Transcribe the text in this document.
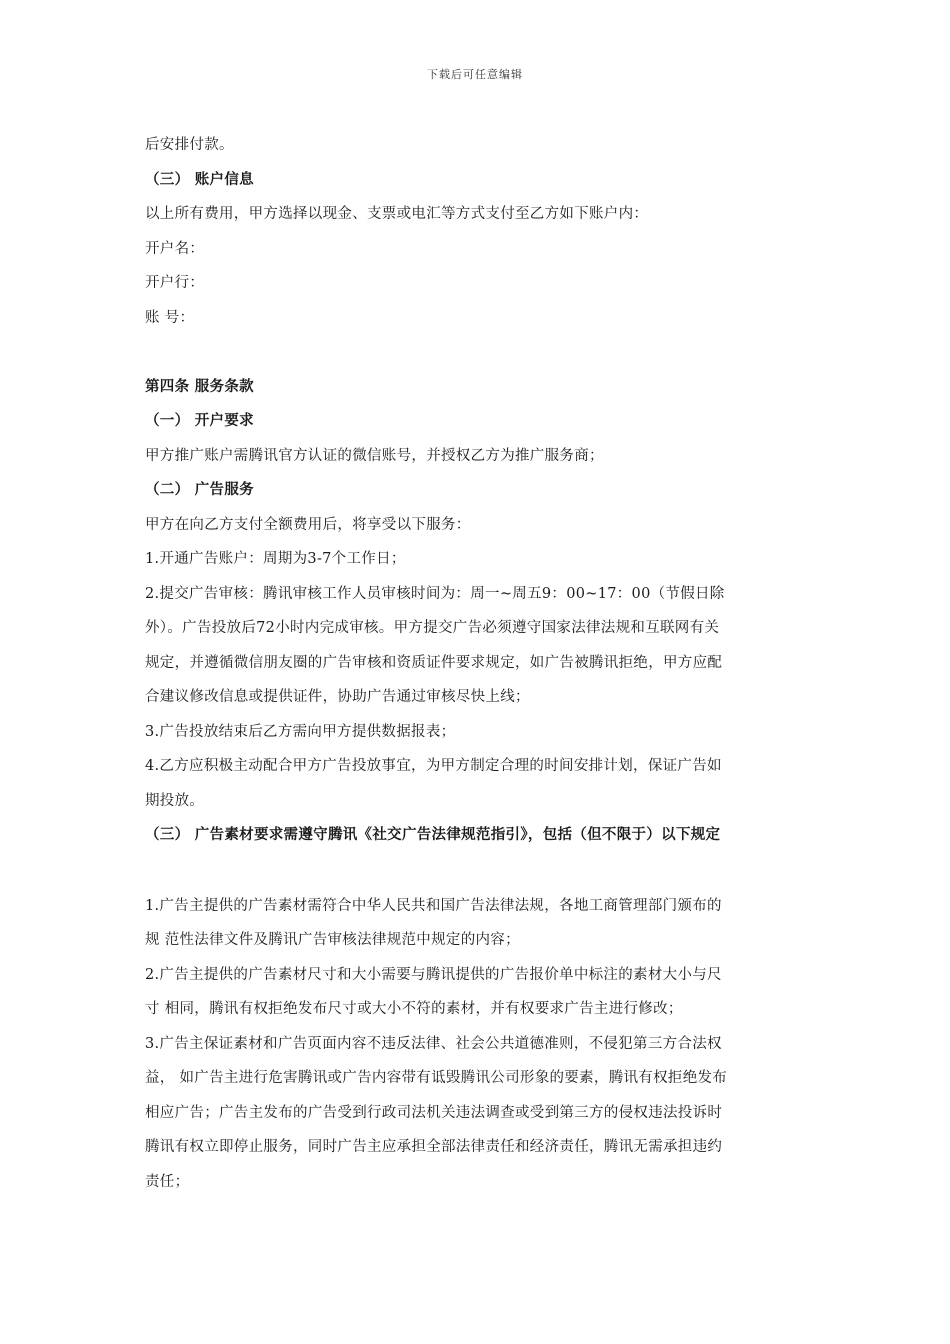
下载后可任意编辑
后安排付款。
（三） 账户信息
以上所有费用，甲方选择以现金、支票或电汇等方式支付至乙方如下账户内：
开户名：
开户行：
账 号：
第四条 服务条款
（一） 开户要求
甲方推广账户需腾讯官方认证的微信账号，并授权乙方为推广服务商；
（二） 广告服务
甲方在向乙方支付全额费用后，将享受以下服务：
1.开通广告账户：周期为3-7个工作日；
2.提交广告审核：腾讯审核工作人员审核时间为：周一~周五9：00~17：00（节假日除
外）。广告投放后72小时内完成审核。甲方提交广告必须遵守国家法律法规和互联网有关
规定，并遵循微信朋友圈的广告审核和资质证件要求规定，如广告被腾讯拒绝，甲方应配
合建议修改信息或提供证件，协助广告通过审核尽快上线；
3.广告投放结束后乙方需向甲方提供数据报表；
4.乙方应积极主动配合甲方广告投放事宜，为甲方制定合理的时间安排计划，保证广告如
期投放。
（三） 广告素材要求需遵守腾讯《社交广告法律规范指引》，包括（但不限于）以下规定
1.广告主提供的广告素材需符合中华人民共和国广告法律法规，各地工商管理部门颁布的
规 范性法律文件及腾讯广告审核法律规范中规定的内容；
2.广告主提供的广告素材尺寸和大小需要与腾讯提供的广告报价单中标注的素材大小与尺
寸 相同，腾讯有权拒绝发布尺寸或大小不符的素材，并有权要求广告主进行修改；
3.广告主保证素材和广告页面内容不违反法律、社会公共道德准则，不侵犯第三方合法权
益， 如广告主进行危害腾讯或广告内容带有诋毁腾讯公司形象的要素，腾讯有权拒绝发布
相应广告；广告主发布的广告受到行政司法机关违法调查或受到第三方的侵权违法投诉时
腾讯有权立即停止服务，同时广告主应承担全部法律责任和经济责任，腾讯无需承担违约
责任；
